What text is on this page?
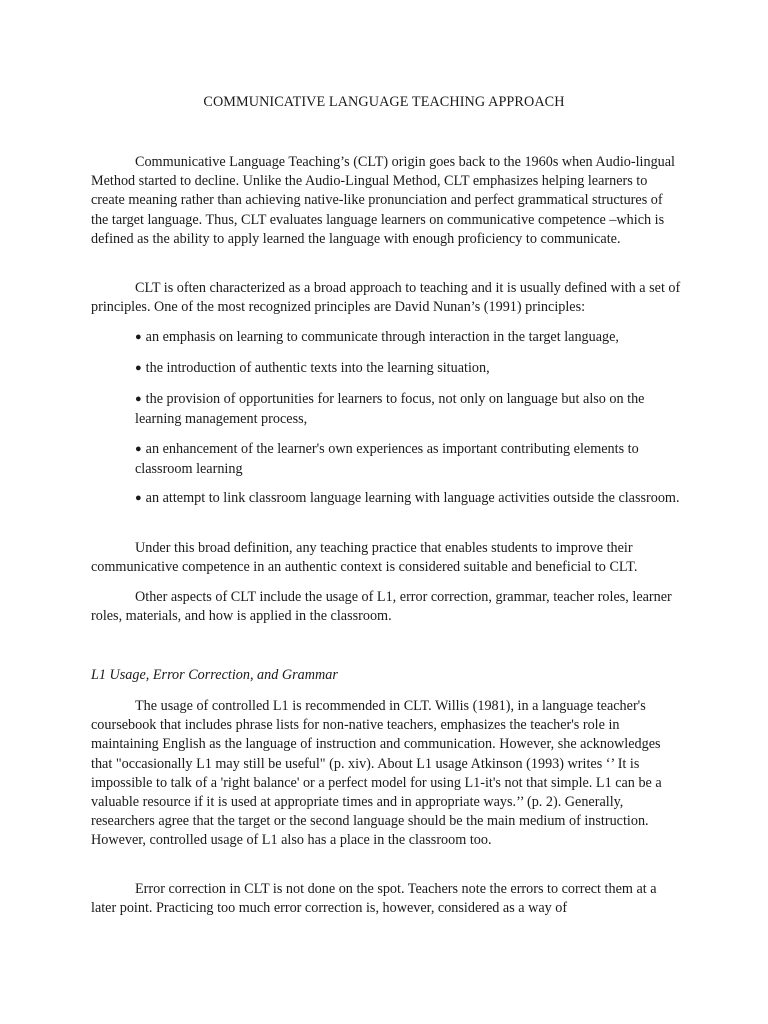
COMMUNICATIVE LANGUAGE TEACHING APPROACH

Communicative Language Teaching’s (CLT) origin goes back to the 1960s when Audio-lingual Method started to decline. Unlike the Audio-Lingual Method, CLT emphasizes helping learners to create meaning rather than achieving native-like pronunciation and perfect grammatical structures of the target language. Thus, CLT evaluates language learners on communicative competence –which is defined as the ability to apply learned the language with enough proficiency to communicate.

CLT is often characterized as a broad approach to teaching and it is usually defined with a set of principles. One of the most recognized principles are David Nunan’s (1991) principles:

● an emphasis on learning to communicate through interaction in the target language,

● the introduction of authentic texts into the learning situation,

● the provision of opportunities for learners to focus, not only on language but also on the learning management process,

● an enhancement of the learner's own experiences as important contributing elements to classroom learning

● an attempt to link classroom language learning with language activities outside the classroom.

Under this broad definition, any teaching practice that enables students to improve their communicative competence in an authentic context is considered suitable and beneficial to CLT.

Other aspects of CLT include the usage of L1, error correction, grammar, teacher roles, learner roles, materials, and how is applied in the classroom.

L1 Usage, Error Correction, and Grammar

The usage of controlled L1 is recommended in CLT. Willis (1981), in a language teacher's coursebook that includes phrase lists for non-native teachers, emphasizes the teacher's role in maintaining English as the language of instruction and communication. However, she acknowledges that "occasionally L1 may still be useful" (p. xiv). About L1 usage Atkinson (1993) writes ‘’ It is impossible to talk of a 'right balance' or a perfect model for using L1-it's not that simple. L1 can be a valuable resource if it is used at appropriate times and in appropriate ways.’’ (p. 2). Generally, researchers agree that the target or the second language should be the main medium of instruction. However, controlled usage of L1 also has a place in the classroom too.

Error correction in CLT is not done on the spot. Teachers note the errors to correct them at a later point. Practicing too much error correction is, however, considered as a way of
